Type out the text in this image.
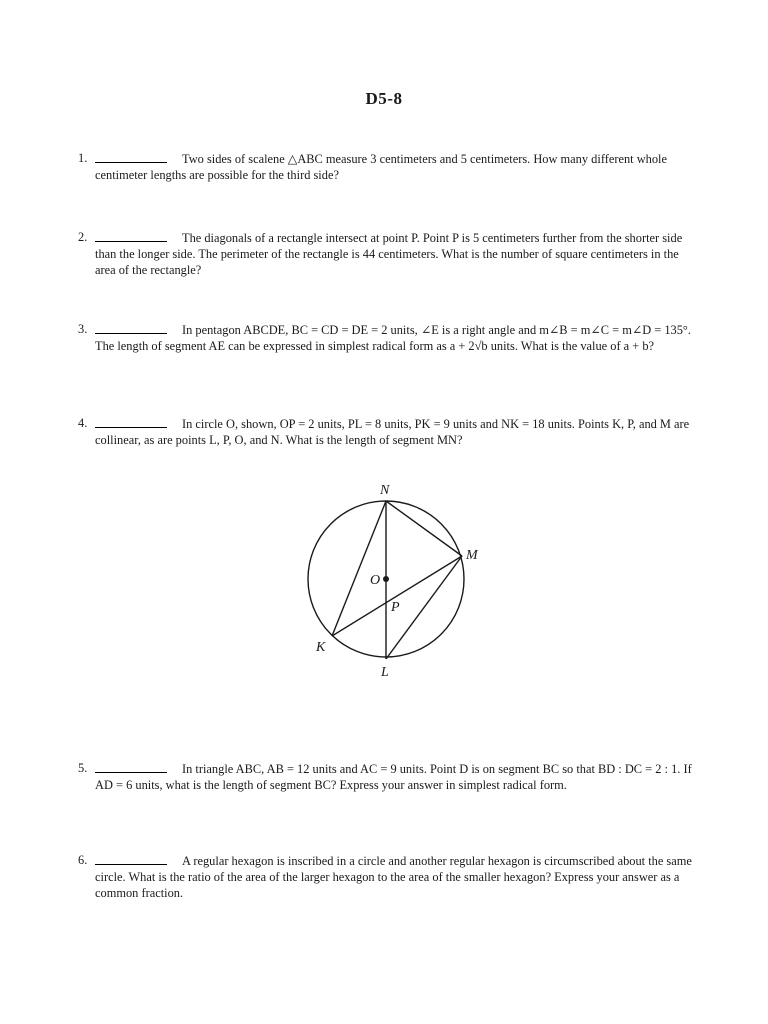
D5-8
1.	Two sides of scalene △ABC measure 3 centimeters and 5 centimeters. How many different whole centimeter lengths are possible for the third side?
2.	The diagonals of a rectangle intersect at point P. Point P is 5 centimeters further from the shorter side than the longer side. The perimeter of the rectangle is 44 centimeters. What is the number of square centimeters in the area of the rectangle?
3.	In pentagon ABCDE, BC = CD = DE = 2 units, ∠E is a right angle and m∠B = m∠C = m∠D = 135°. The length of segment AE can be expressed in simplest radical form as a + 2√b units. What is the value of a + b?
4.	In circle O, shown, OP = 2 units, PL = 8 units, PK = 9 units and NK = 18 units. Points K, P, and M are collinear, as are points L, P, O, and N. What is the length of segment MN?
N
M
O
P
K
L
5.	In triangle ABC, AB = 12 units and AC = 9 units. Point D is on segment BC so that BD : DC = 2 : 1. If AD = 6 units, what is the length of segment BC? Express your answer in simplest radical form.
6.	A regular hexagon is inscribed in a circle and another regular hexagon is circumscribed about the same circle. What is the ratio of the area of the larger hexagon to the area of the smaller hexagon? Express your answer as a common fraction.
